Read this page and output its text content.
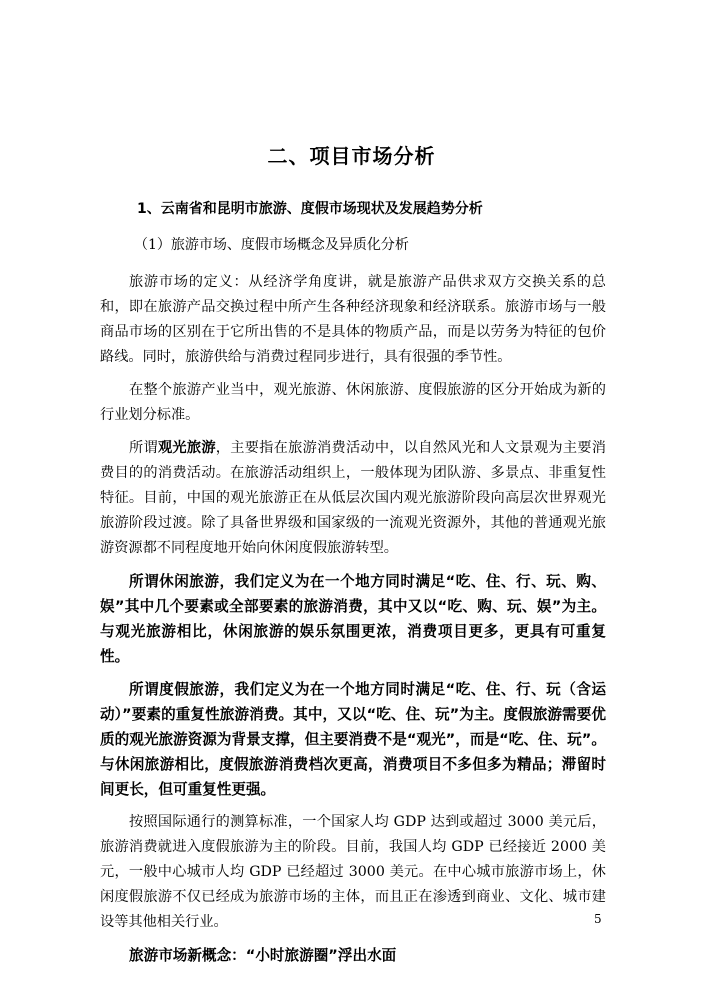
二、项目市场分析
1、云南省和昆明市旅游、度假市场现状及发展趋势分析
（1）旅游市场、度假市场概念及异质化分析

旅游市场的定义：从经济学角度讲，就是旅游产品供求双方交换关系的总和，即在旅游产品交换过程中所产生各种经济现象和经济联系。旅游市场与一般商品市场的区别在于它所出售的不是具体的物质产品，而是以劳务为特征的包价路线。同时，旅游供给与消费过程同步进行，具有很强的季节性。

在整个旅游产业当中，观光旅游、休闲旅游、度假旅游的区分开始成为新的行业划分标准。

所谓观光旅游，主要指在旅游消费活动中，以自然风光和人文景观为主要消费目的的消费活动。在旅游活动组织上，一般体现为团队游、多景点、非重复性特征。目前，中国的观光旅游正在从低层次国内观光旅游阶段向高层次世界观光旅游阶段过渡。除了具备世界级和国家级的一流观光资源外，其他的普通观光旅游资源都不同程度地开始向休闲度假旅游转型。

所谓休闲旅游，我们定义为在一个地方同时满足“吃、住、行、玩、购、娱”其中几个要素或全部要素的旅游消费，其中又以“吃、购、玩、娱”为主。与观光旅游相比，休闲旅游的娱乐氛围更浓，消费项目更多，更具有可重复性。

所谓度假旅游，我们定义为在一个地方同时满足“吃、住、行、玩（含运动）”要素的重复性旅游消费。其中，又以“吃、住、玩”为主。度假旅游需要优质的观光旅游资源为背景支撑，但主要消费不是“观光”，而是“吃、住、玩”。与休闲旅游相比，度假旅游消费档次更高，消费项目不多但多为精品；滞留时间更长，但可重复性更强。

按照国际通行的测算标准，一个国家人均 GDP 达到或超过 3000 美元后，旅游消费就进入度假旅游为主的阶段。目前，我国人均 GDP 已经接近 2000 美元，一般中心城市人均 GDP 已经超过 3000 美元。在中心城市旅游市场上，休闲度假旅游不仅已经成为旅游市场的主体，而且正在渗透到商业、文化、城市建设等其他相关行业。

旅游市场新概念：“小时旅游圈”浮出水面

5
